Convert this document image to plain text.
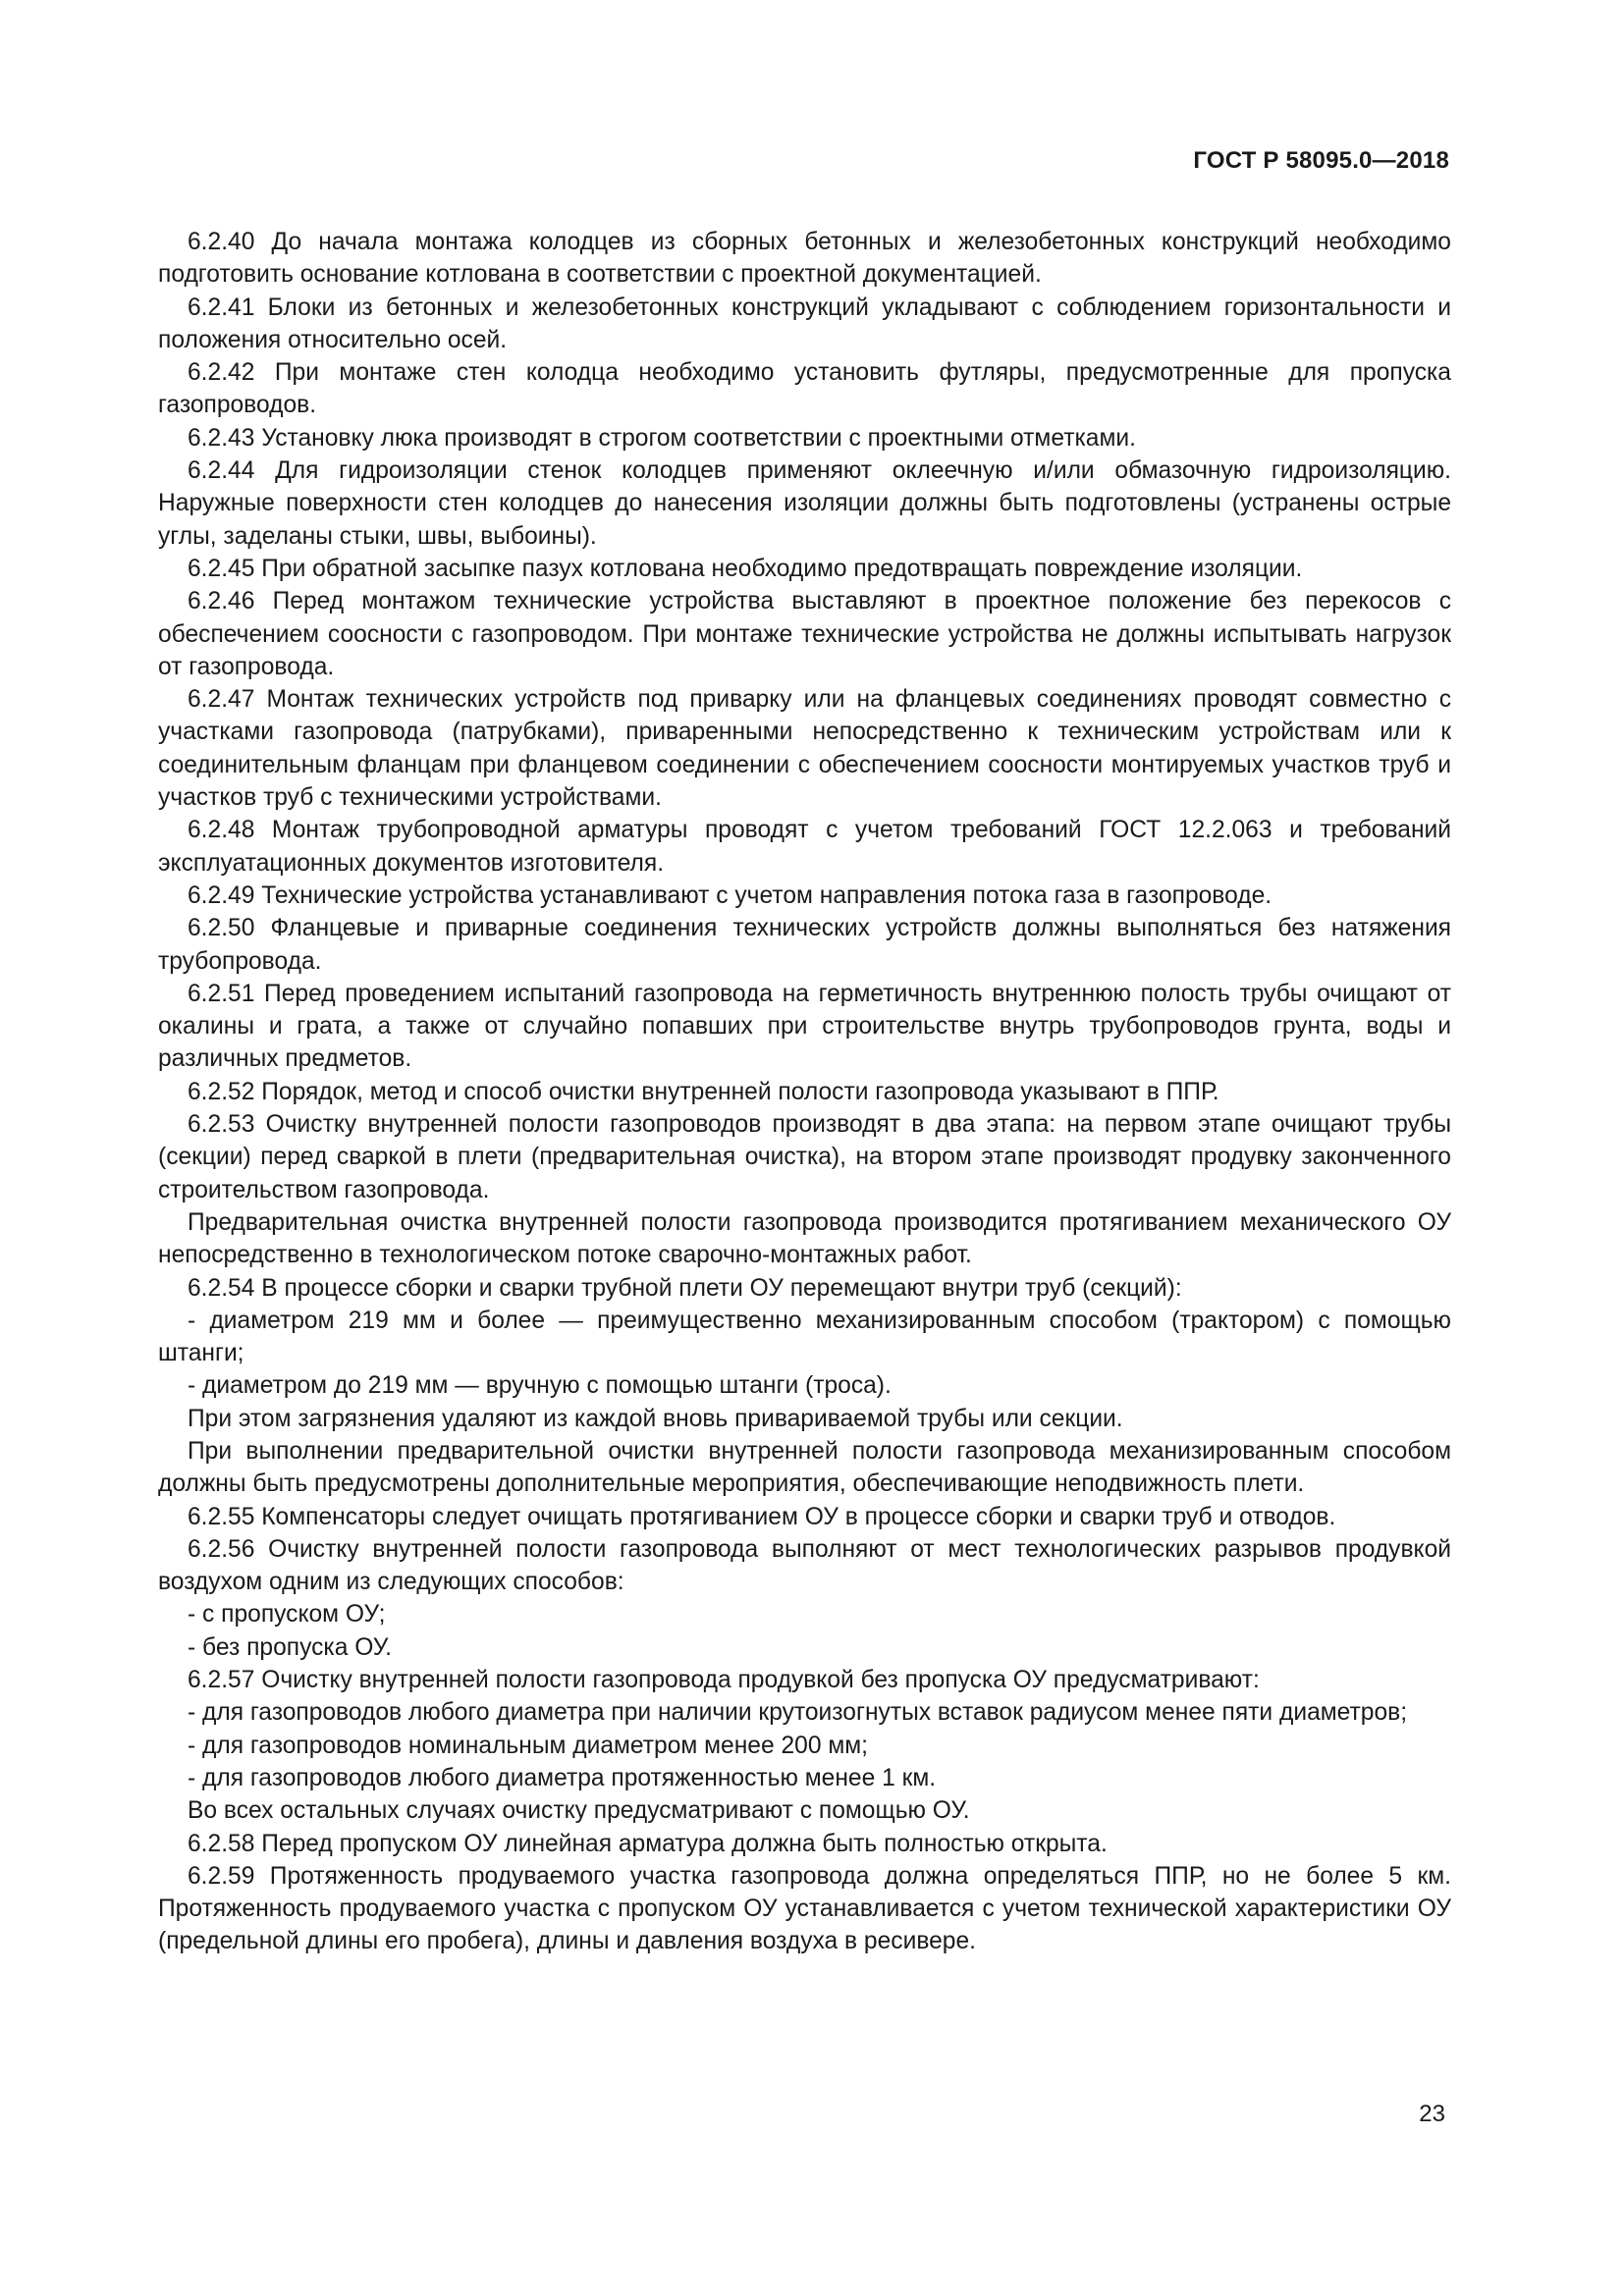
ГОСТ Р 58095.0—2018

6.2.40 До начала монтажа колодцев из сборных бетонных и железобетонных конструкций необходимо подготовить основание котлована в соответствии с проектной документацией.

6.2.41 Блоки из бетонных и железобетонных конструкций укладывают с соблюдением горизонтальности и положения относительно осей.

6.2.42 При монтаже стен колодца необходимо установить футляры, предусмотренные для пропуска газопроводов.

6.2.43 Установку люка производят в строгом соответствии с проектными отметками.

6.2.44 Для гидроизоляции стенок колодцев применяют оклеечную и/или обмазочную гидроизоляцию. Наружные поверхности стен колодцев до нанесения изоляции должны быть подготовлены (устранены острые углы, заделаны стыки, швы, выбоины).

6.2.45 При обратной засыпке пазух котлована необходимо предотвращать повреждение изоляции.

6.2.46 Перед монтажом технические устройства выставляют в проектное положение без перекосов с обеспечением соосности с газопроводом. При монтаже технические устройства не должны испытывать нагрузок от газопровода.

6.2.47 Монтаж технических устройств под приварку или на фланцевых соединениях проводят совместно с участками газопровода (патрубками), приваренными непосредственно к техническим устройствам или к соединительным фланцам при фланцевом соединении с обеспечением соосности монтируемых участков труб и участков труб с техническими устройствами.

6.2.48 Монтаж трубопроводной арматуры проводят с учетом требований ГОСТ 12.2.063 и требований эксплуатационных документов изготовителя.

6.2.49 Технические устройства устанавливают с учетом направления потока газа в газопроводе.

6.2.50 Фланцевые и приварные соединения технических устройств должны выполняться без натяжения трубопровода.

6.2.51 Перед проведением испытаний газопровода на герметичность внутреннюю полость трубы очищают от окалины и грата, а также от случайно попавших при строительстве внутрь трубопроводов грунта, воды и различных предметов.

6.2.52 Порядок, метод и способ очистки внутренней полости газопровода указывают в ППР.

6.2.53 Очистку внутренней полости газопроводов производят в два этапа: на первом этапе очищают трубы (секции) перед сваркой в плети (предварительная очистка), на втором этапе производят продувку законченного строительством газопровода.

Предварительная очистка внутренней полости газопровода производится протягиванием механического ОУ непосредственно в технологическом потоке сварочно-монтажных работ.

6.2.54 В процессе сборки и сварки трубной плети ОУ перемещают внутри труб (секций):

- диаметром 219 мм и более — преимущественно механизированным способом (трактором) с помощью штанги;

- диаметром до 219 мм — вручную с помощью штанги (троса).

При этом загрязнения удаляют из каждой вновь привариваемой трубы или секции.

При выполнении предварительной очистки внутренней полости газопровода механизированным способом должны быть предусмотрены дополнительные мероприятия, обеспечивающие неподвижность плети.

6.2.55 Компенсаторы следует очищать протягиванием ОУ в процессе сборки и сварки труб и отводов.

6.2.56 Очистку внутренней полости газопровода выполняют от мест технологических разрывов продувкой воздухом одним из следующих способов:

- с пропуском ОУ;

- без пропуска ОУ.

6.2.57 Очистку внутренней полости газопровода продувкой без пропуска ОУ предусматривают:

- для газопроводов любого диаметра при наличии крутоизогнутых вставок радиусом менее пяти диаметров;

- для газопроводов номинальным диаметром менее 200 мм;

- для газопроводов любого диаметра протяженностью менее 1 км.

Во всех остальных случаях очистку предусматривают с помощью ОУ.

6.2.58 Перед пропуском ОУ линейная арматура должна быть полностью открыта.

6.2.59 Протяженность продуваемого участка газопровода должна определяться ППР, но не более 5 км. Протяженность продуваемого участка с пропуском ОУ устанавливается с учетом технической характеристики ОУ (предельной длины его пробега), длины и давления воздуха в ресивере.

23
